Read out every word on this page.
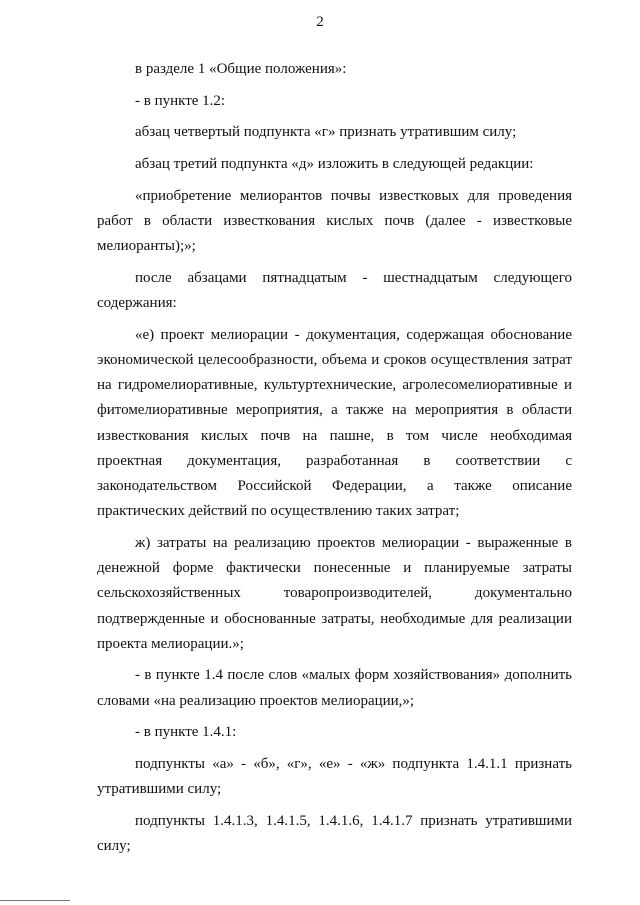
2

в разделе 1 «Общие положения»:

- в пункте 1.2:

абзац четвертый подпункта «г» признать утратившим силу;

абзац третий подпункта «д» изложить в следующей редакции:

«приобретение мелиорантов почвы известковых для проведения работ в области известкования кислых почв (далее - известковые мелиоранты);»;

после абзацами пятнадцатым - шестнадцатым следующего содержания:

«е) проект мелиорации - документация, содержащая обоснование экономической целесообразности, объема и сроков осуществления затрат на гидромелиоративные, культуртехнические, агролесомелиоративные и фитомелиоративные мероприятия, а также на мероприятия в области известкования кислых почв на пашне, в том числе необходимая проектная документация, разработанная в соответствии с законодательством Российской Федерации, а также описание практических действий по осуществлению таких затрат;

ж) затраты на реализацию проектов мелиорации - выраженные в денежной форме фактически понесенные и планируемые затраты сельскохозяйственных товаропроизводителей, документально подтвержденные и обоснованные затраты, необходимые для реализации проекта мелиорации.»;

- в пункте 1.4 после слов «малых форм хозяйствования» дополнить словами «на реализацию проектов мелиорации,»;

- в пункте 1.4.1:

подпункты «а» - «б», «г», «е» - «ж» подпункта 1.4.1.1 признать утратившими силу;

подпункты 1.4.1.3, 1.4.1.5, 1.4.1.6, 1.4.1.7 признать утратившими силу;
